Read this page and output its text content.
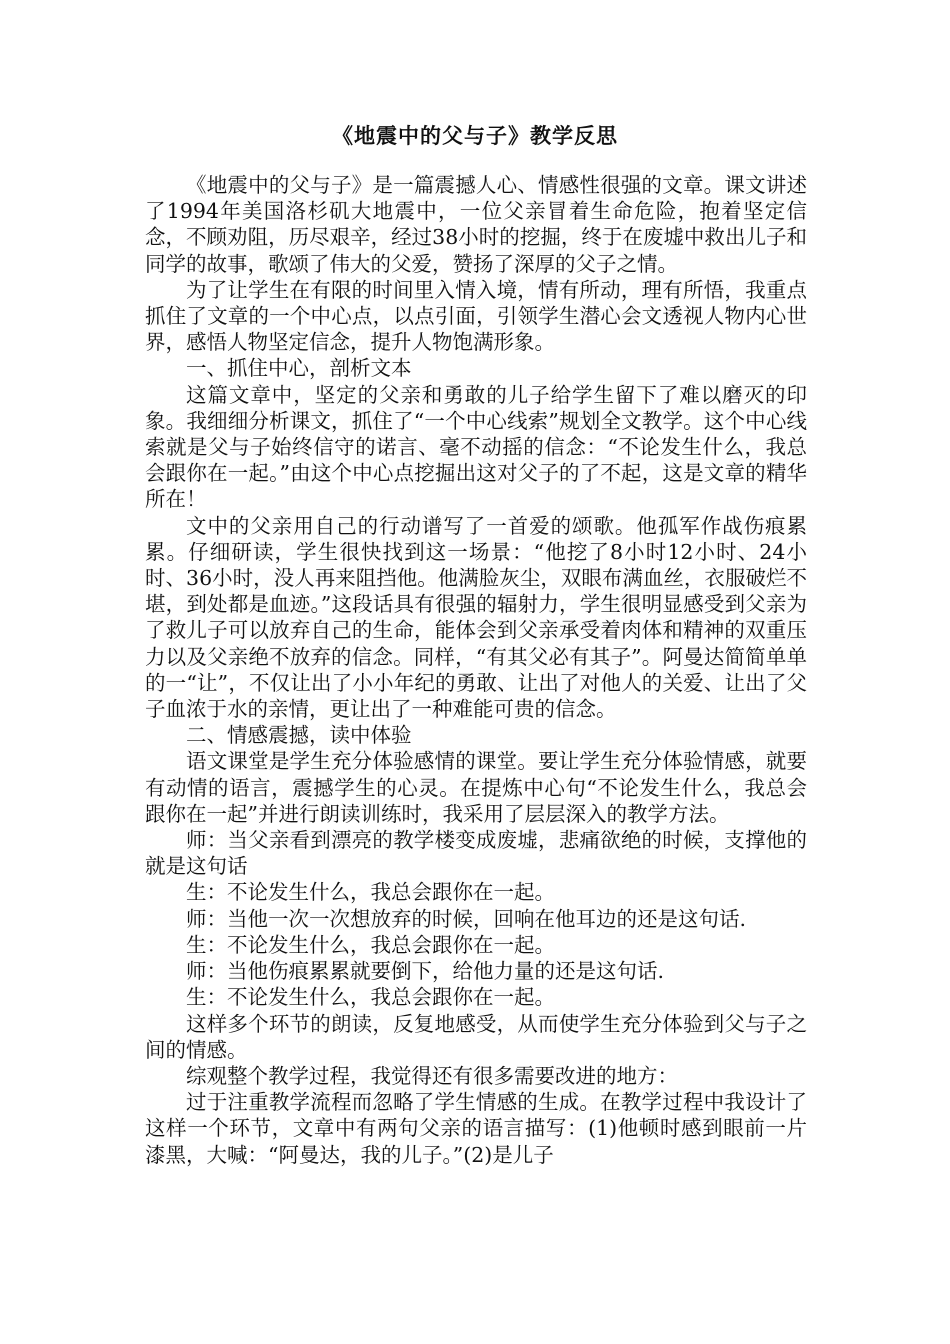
《地震中的父与子》教学反思

《地震中的父与子》是一篇震撼人心、情感性很强的文章。课文讲述了1994年美国洛杉矶大地震中，一位父亲冒着生命危险，抱着坚定信念，不顾劝阻，历尽艰辛，经过38小时的挖掘，终于在废墟中救出儿子和同学的故事，歌颂了伟大的父爱，赞扬了深厚的父子之情。

为了让学生在有限的时间里入情入境，情有所动，理有所悟，我重点抓住了文章的一个中心点，以点引面，引领学生潜心会文透视人物内心世界，感悟人物坚定信念，提升人物饱满形象。

一、抓住中心，剖析文本

这篇文章中，坚定的父亲和勇敢的儿子给学生留下了难以磨灭的印象。我细细分析课文，抓住了“一个中心线索”规划全文教学。这个中心线索就是父与子始终信守的诺言、毫不动摇的信念：“不论发生什么，我总会跟你在一起。”由这个中心点挖掘出这对父子的了不起，这是文章的精华所在！

文中的父亲用自己的行动谱写了一首爱的颂歌。他孤军作战伤痕累累。仔细研读，学生很快找到这一场景：“他挖了8小时12小时、24小时、36小时，没人再来阻挡他。他满脸灰尘，双眼布满血丝，衣服破烂不堪，到处都是血迹。”这段话具有很强的辐射力，学生很明显感受到父亲为了救儿子可以放弃自己的生命，能体会到父亲承受着肉体和精神的双重压力以及父亲绝不放弃的信念。同样，“有其父必有其子”。阿曼达简简单单的一“让”，不仅让出了小小年纪的勇敢、让出了对他人的关爱、让出了父子血浓于水的亲情，更让出了一种难能可贵的信念。

二、情感震撼，读中体验

语文课堂是学生充分体验感情的课堂。要让学生充分体验情感，就要有动情的语言，震撼学生的心灵。在提炼中心句“不论发生什么，我总会跟你在一起”并进行朗读训练时，我采用了层层深入的教学方法。

师：当父亲看到漂亮的教学楼变成废墟，悲痛欲绝的时候，支撑他的就是这句话

生：不论发生什么，我总会跟你在一起。

师：当他一次一次想放弃的时候，回响在他耳边的还是这句话.

生：不论发生什么，我总会跟你在一起。

师：当他伤痕累累就要倒下，给他力量的还是这句话.

生：不论发生什么，我总会跟你在一起。

这样多个环节的朗读，反复地感受，从而使学生充分体验到父与子之间的情感。

综观整个教学过程，我觉得还有很多需要改进的地方：

过于注重教学流程而忽略了学生情感的生成。在教学过程中我设计了这样一个环节，文章中有两句父亲的语言描写：(1)他顿时感到眼前一片漆黑，大喊：“阿曼达，我的儿子。”(2)是儿子
